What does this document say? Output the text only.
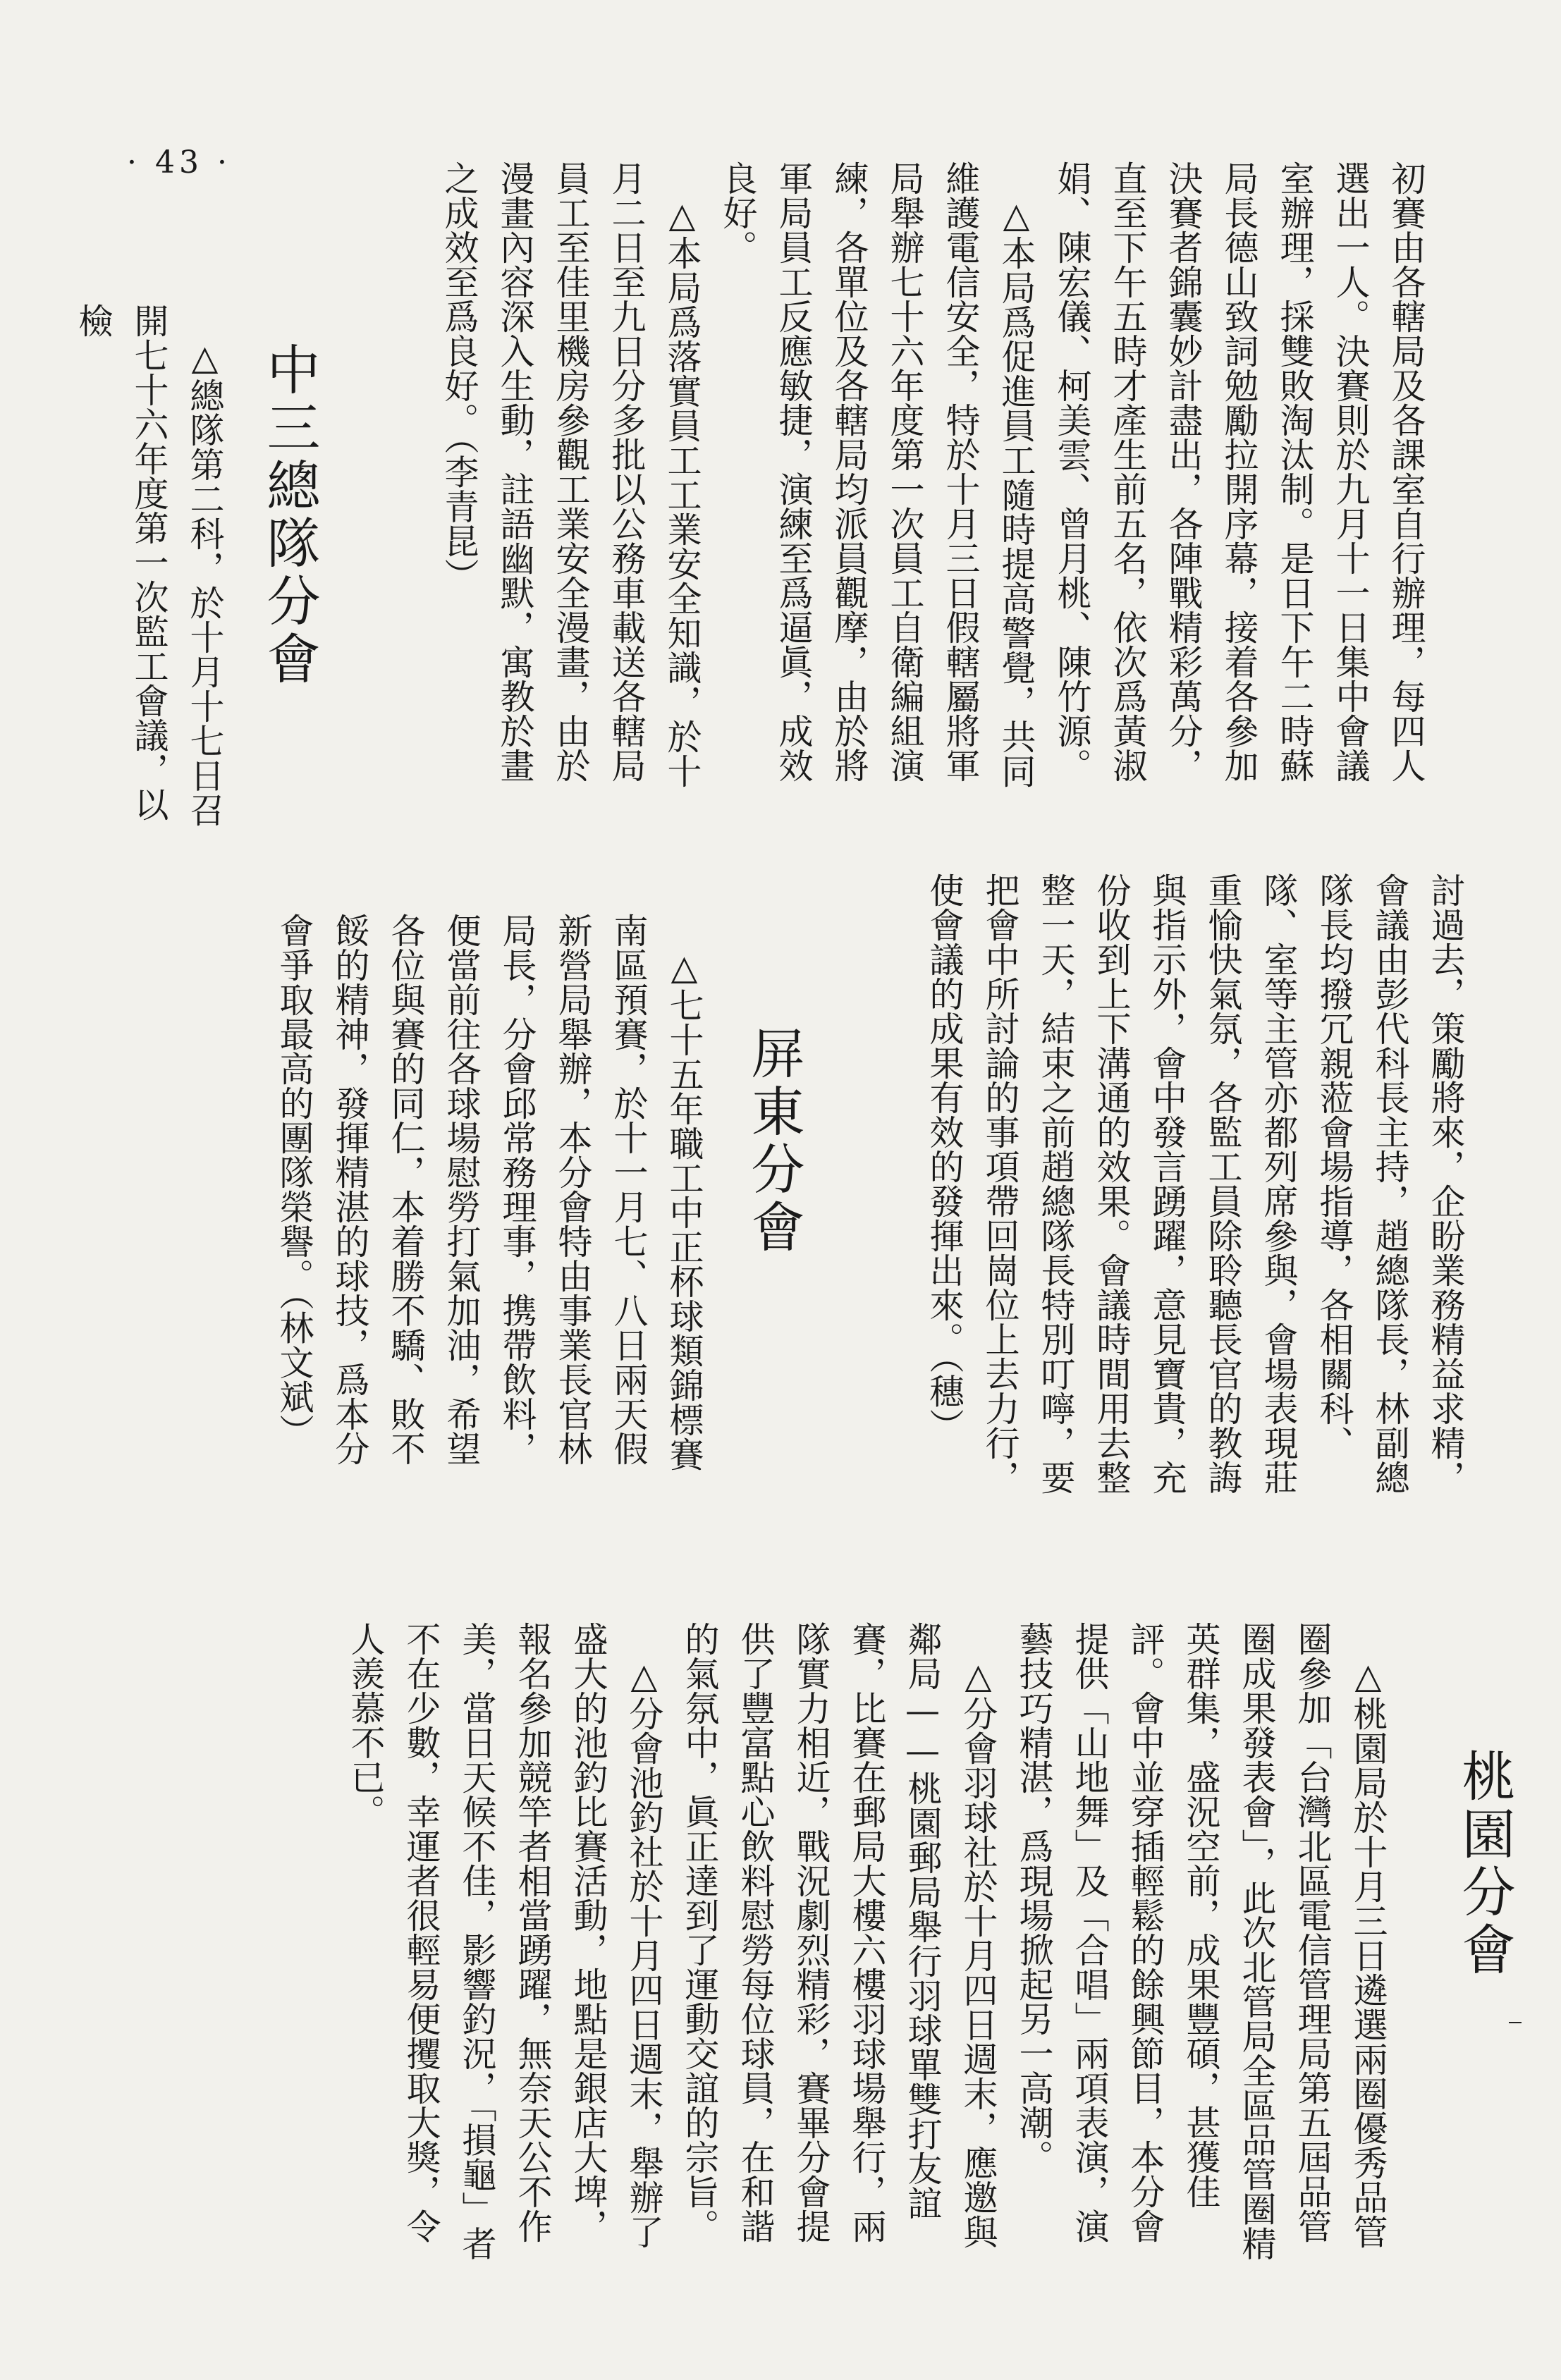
· 43 ·	初賽由各轄局及各課室自行辦理，每四人選出一人。決賽則於九月十一日集中會議室辦理，採雙敗淘汰制。是日下午二時蘇局長德山致詞勉勵拉開序幕，接着各參加決賽者錦囊妙計盡出，各陣戰精彩萬分，直至下午五時才產生前五名，依次爲黃淑娟、陳宏儀、柯美雲、曾月桃、陳竹源。
△本局爲促進員工隨時提高警覺，共同維護電信安全，特於十月三日假轄屬將軍局舉辦七十六年度第一次員工自衛編組演練，各單位及各轄局均派員觀摩，由於將軍局員工反應敏捷，演練至爲逼眞，成效良好。
△本局爲落實員工工業安全知識，於十月二日至九日分多批以公務車載送各轄局員工至佳里機房參觀工業安全漫畫，由於漫畫內容深入生動，註語幽默，寓教於畫之成效至爲良好。（李青昆）
中三總隊分會
△總隊第二科，於十月十七日召開七十六年度第一次監工會議，以檢
討過去，策勵將來，企盼業務精益求精，會議由彭代科長主持，趙總隊長，林副總隊長均撥冗親蒞會場指導，各相關科、隊、室等主管亦都列席參與，會場表現莊重愉快氣氛，各監工員除聆聽長官的教誨與指示外，會中發言踴躍，意見寶貴，充份收到上下溝通的效果。會議時間用去整整一天，結束之前趙總隊長特別叮嚀，要把會中所討論的事項帶回崗位上去力行，使會議的成果有效的發揮出來。（穗）
屏東分會
△七十五年職工中正杯球類錦標賽南區預賽，於十一月七、八日兩天假新營局舉辦，本分會特由事業長官林局長，分會邱常務理事，携帶飲料，便當前往各球場慰勞打氣加油，希望各位與賽的同仁，本着勝不驕、敗不餒的精神，發揮精湛的球技，爲本分會爭取最高的團隊榮譽。（林文斌）
桃園分會
△桃園局於十月三日遴選兩圈優秀品管圈參加「台灣北區電信管理局第五屆品管圈成果發表會」，此次北管局全區品管圈精英群集，盛況空前，成果豐碩，甚獲佳評。會中並穿插輕鬆的餘興節目，本分會提供「山地舞」及「合唱」兩項表演，演藝技巧精湛，爲現場掀起另一高潮。
△分會羽球社於十月四日週末，應邀與鄰局——桃園郵局舉行羽球單雙打友誼賽，比賽在郵局大樓六樓羽球場舉行，兩隊實力相近，戰況劇烈精彩，賽畢分會提供了豐富點心飲料慰勞每位球員，在和諧的氣氛中，眞正達到了運動交誼的宗旨。
△分會池釣社於十月四日週末，舉辦了盛大的池釣比賽活動，地點是銀店大埤，報名參加競竿者相當踴躍，無奈天公不作美，當日天候不佳，影響釣況，「損龜」者不在少數，幸運者很輕易便攫取大獎，令人羨慕不已。
